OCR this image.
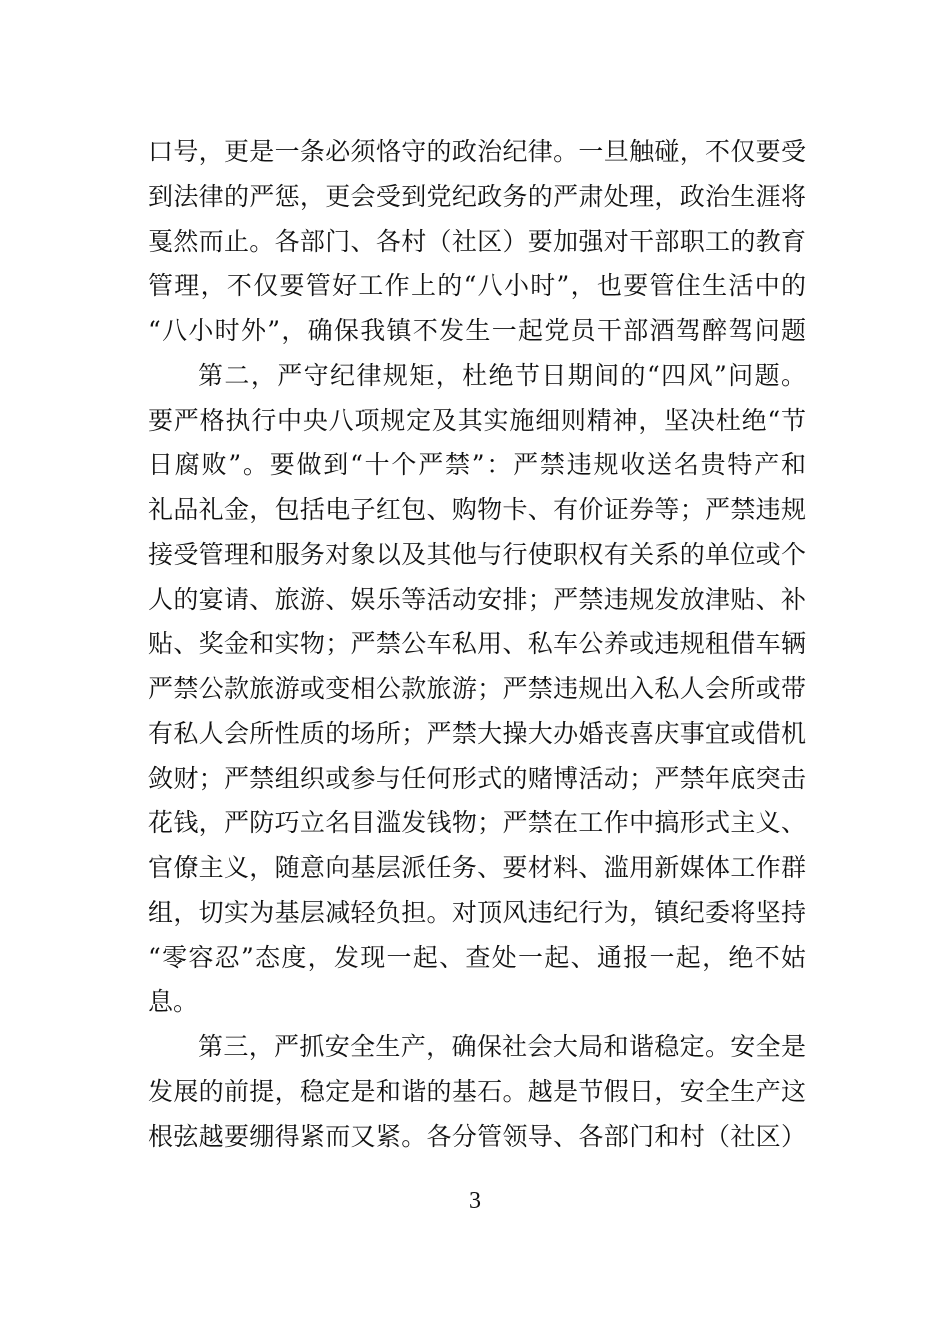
口号，更是一条必须恪守的政治纪律。一旦触碰，不仅要受
到法律的严惩，更会受到党纪政务的严肃处理，政治生涯将
戛然而止。各部门、各村（社区）要加强对干部职工的教育
管理，不仅要管好工作上的“八小时”，也要管住生活中的
“八小时外”，确保我镇不发生一起党员干部酒驾醉驾问题
第二，严守纪律规矩，杜绝节日期间的“四风”问题。
要严格执行中央八项规定及其实施细则精神，坚决杜绝“节
日腐败”。要做到“十个严禁”：严禁违规收送名贵特产和
礼品礼金，包括电子红包、购物卡、有价证券等；严禁违规
接受管理和服务对象以及其他与行使职权有关系的单位或个
人的宴请、旅游、娱乐等活动安排；严禁违规发放津贴、补
贴、奖金和实物；严禁公车私用、私车公养或违规租借车辆
严禁公款旅游或变相公款旅游；严禁违规出入私人会所或带
有私人会所性质的场所；严禁大操大办婚丧喜庆事宜或借机
敛财；严禁组织或参与任何形式的赌博活动；严禁年底突击
花钱，严防巧立名目滥发钱物；严禁在工作中搞形式主义、
官僚主义，随意向基层派任务、要材料、滥用新媒体工作群
组，切实为基层减轻负担。对顶风违纪行为，镇纪委将坚持
“零容忍”态度，发现一起、查处一起、通报一起，绝不姑
息。
第三，严抓安全生产，确保社会大局和谐稳定。安全是
发展的前提，稳定是和谐的基石。越是节假日，安全生产这
根弦越要绷得紧而又紧。各分管领导、各部门和村（社区）
3
